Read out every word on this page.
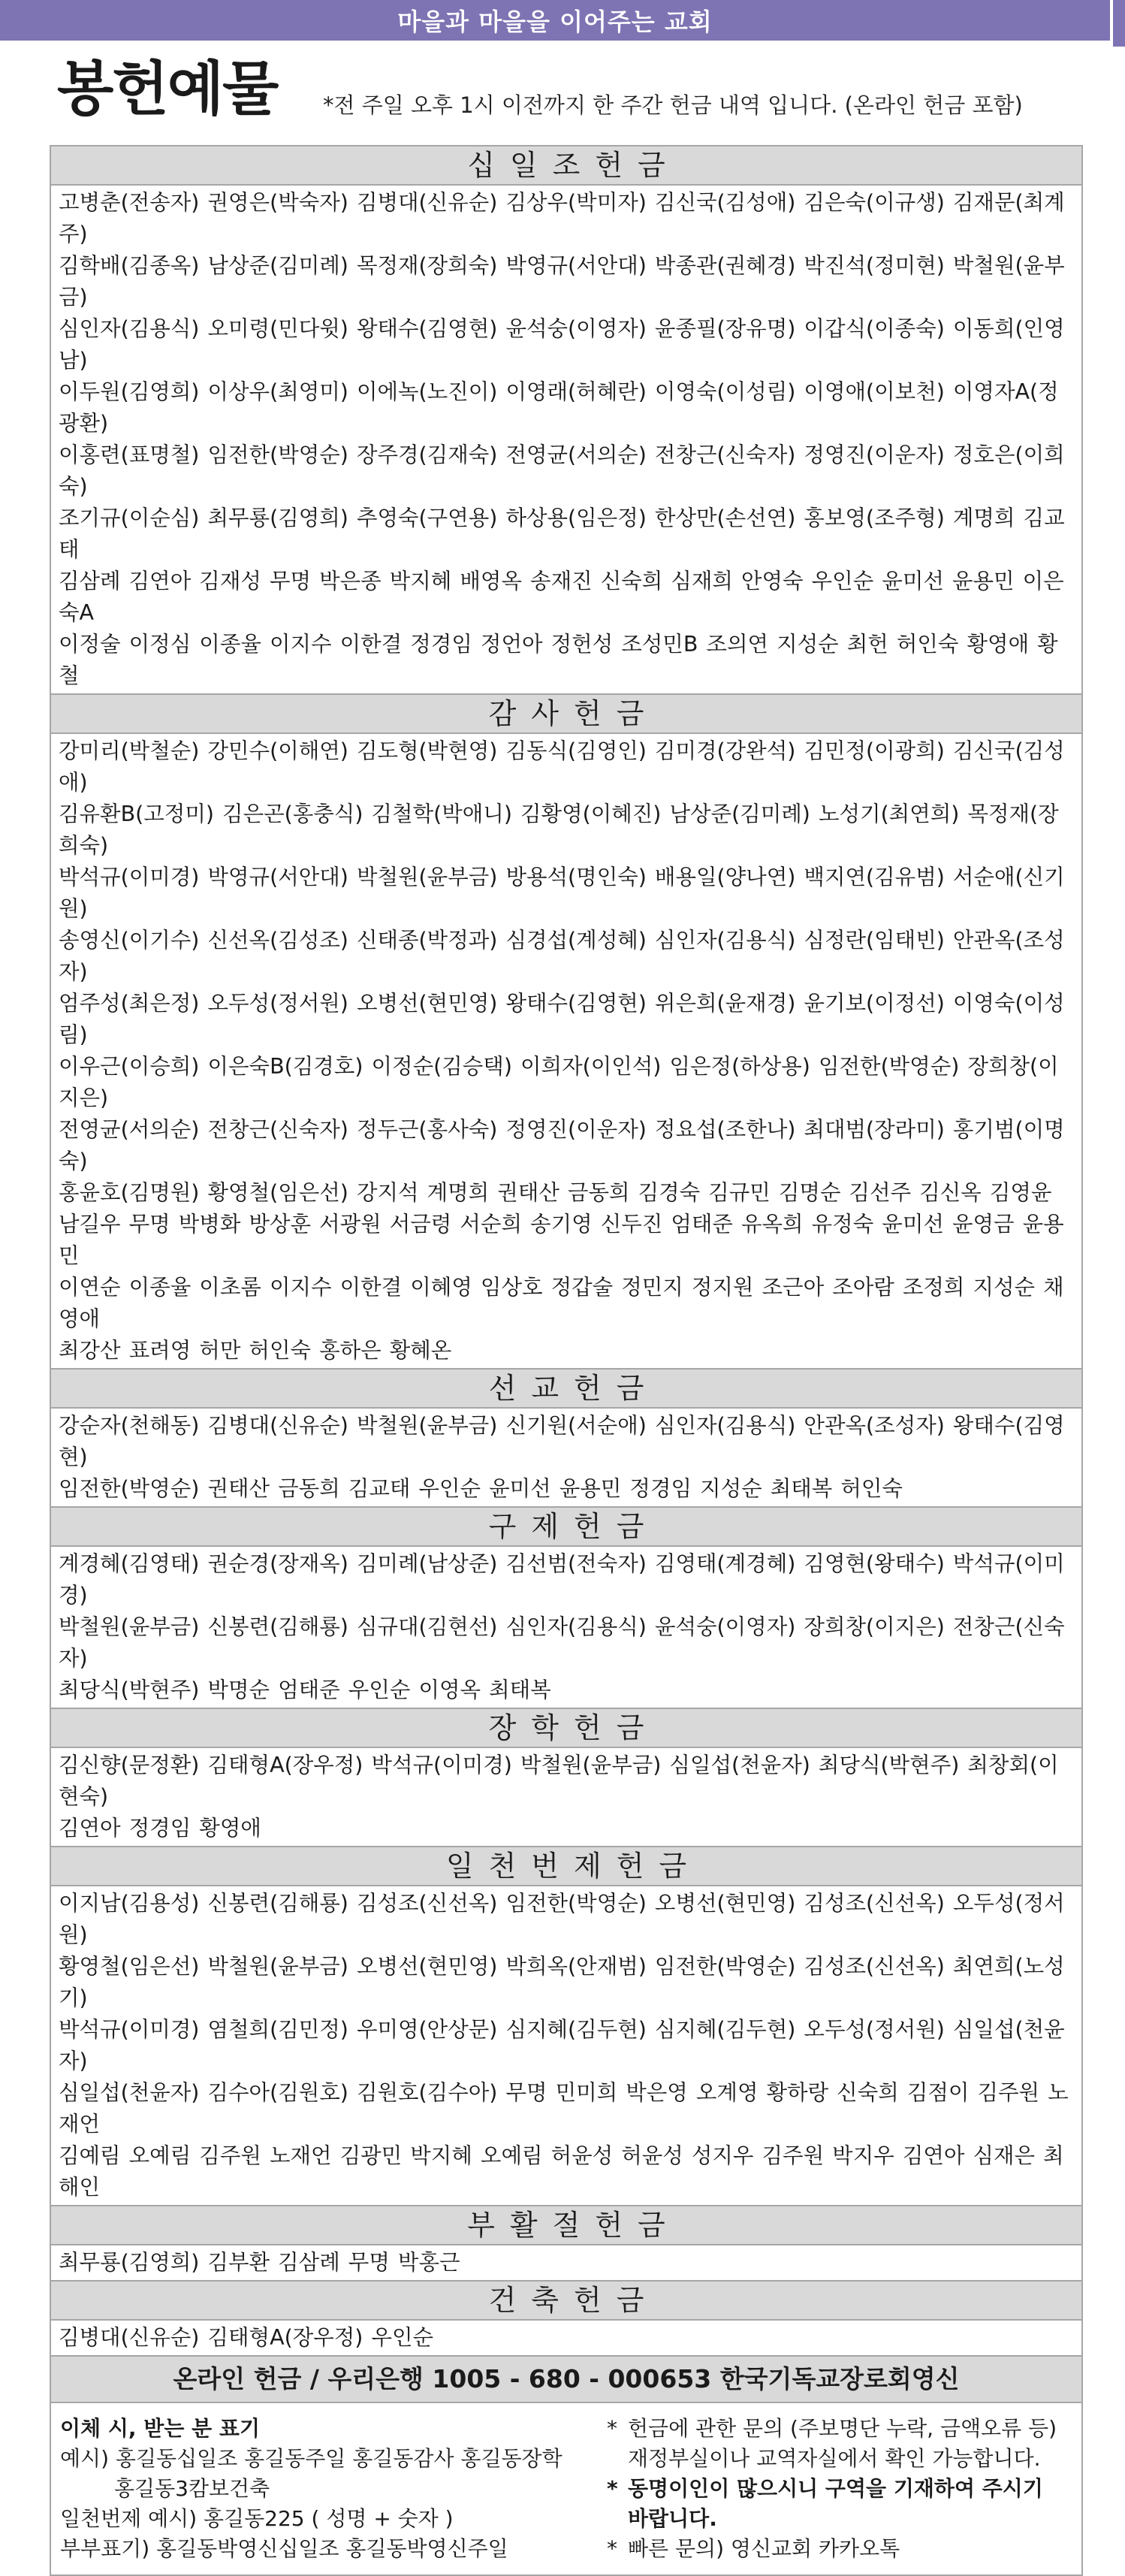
마을과 마을을 이어주는 교회
봉헌예물 *전 주일 오후 1시 이전까지 한 주간 헌금 내역 입니다. (온라인 헌금 포함)
십일조헌금
고병춘(전송자) 권영은(박숙자) 김병대(신유순) 김상우(박미자) 김신국(김성애) 김은숙(이규생) 김재문(최계주)
김학배(김종옥) 남상준(김미례) 목정재(장희숙) 박영규(서안대) 박종관(권혜경) 박진석(정미현) 박철원(윤부금)
심인자(김용식) 오미령(민다윗) 왕태수(김영현) 윤석숭(이영자) 윤종필(장유명) 이갑식(이종숙) 이동희(인영남)
이두원(김영희) 이상우(최영미) 이에녹(노진이) 이영래(허혜란) 이영숙(이성림) 이영애(이보천) 이영자A(정광환)
이홍련(표명철) 임전한(박영순) 장주경(김재숙) 전영균(서의순) 전창근(신숙자) 정영진(이운자) 정호은(이희숙)
조기규(이순심) 최무룡(김영희) 추영숙(구연용) 하상용(임은정) 한상만(손선연) 홍보영(조주형) 계명희 김교태
김삼례 김연아 김재성 무명 박은종 박지혜 배영옥 송재진 신숙희 심재희 안영숙 우인순 윤미선 윤용민 이은숙A
이정술 이정심 이종율 이지수 이한결 정경임 정언아 정헌성 조성민B 조의연 지성순 최헌 허인숙 황영애 황철
감사헌금
강미리(박철순) 강민수(이해연) 김도형(박현영) 김동식(김영인) 김미경(강완석) 김민정(이광희) 김신국(김성애)
김유환B(고정미) 김은곤(홍충식) 김철학(박애니) 김황영(이혜진) 남상준(김미례) 노성기(최연희) 목정재(장희숙)
박석규(이미경) 박영규(서안대) 박철원(윤부금) 방용석(명인숙) 배용일(양나연) 백지연(김유범) 서순애(신기원)
송영신(이기수) 신선옥(김성조) 신태종(박정과) 심경섭(계성혜) 심인자(김용식) 심정란(임태빈) 안관옥(조성자)
엄주성(최은정) 오두성(정서원) 오병선(현민영) 왕태수(김영현) 위은희(윤재경) 윤기보(이정선) 이영숙(이성림)
이우근(이승희) 이은숙B(김경호) 이정순(김승택) 이희자(이인석) 임은정(하상용) 임전한(박영순) 장희창(이지은)
전영균(서의순) 전창근(신숙자) 정두근(홍사숙) 정영진(이운자) 정요섭(조한나) 최대범(장라미) 홍기범(이명숙)
홍윤호(김명원) 황영철(임은선) 강지석 계명희 권태산 금동희 김경숙 김규민 김명순 김선주 김신옥 김영윤
남길우 무명 박병화 방상훈 서광원 서금령 서순희 송기영 신두진 엄태준 유옥희 유정숙 윤미선 윤영금 윤용민
이연순 이종율 이초롬 이지수 이한결 이혜영 임상호 정갑술 정민지 정지원 조근아 조아람 조정희 지성순 채영애
최강산 표려영 허만 허인숙 홍하은 황혜온
선교헌금
강순자(천해동) 김병대(신유순) 박철원(윤부금) 신기원(서순애) 심인자(김용식) 안관옥(조성자) 왕태수(김영현)
임전한(박영순) 권태산 금동희 김교태 우인순 윤미선 윤용민 정경임 지성순 최태복 허인숙
구제헌금
계경혜(김영태) 권순경(장재옥) 김미례(남상준) 김선범(전숙자) 김영태(계경혜) 김영현(왕태수) 박석규(이미경)
박철원(윤부금) 신봉련(김해룡) 심규대(김현선) 심인자(김용식) 윤석숭(이영자) 장희창(이지은) 전창근(신숙자)
최당식(박현주) 박명순 엄태준 우인순 이영옥 최태복
장학헌금
김신향(문정환) 김태형A(장우정) 박석규(이미경) 박철원(윤부금) 심일섭(천윤자) 최당식(박현주) 최창회(이현숙)
김연아 정경임 황영애
일천번제헌금
이지남(김용성) 신봉련(김해룡) 김성조(신선옥) 임전한(박영순) 오병선(현민영) 김성조(신선옥) 오두성(정서원)
황영철(임은선) 박철원(윤부금) 오병선(현민영) 박희옥(안재범) 임전한(박영순) 김성조(신선옥) 최연희(노성기)
박석규(이미경) 염철희(김민정) 우미영(안상문) 심지혜(김두현) 심지혜(김두현) 오두성(정서원) 심일섭(천윤자)
심일섭(천윤자) 김수아(김원호) 김원호(김수아) 무명 민미희 박은영 오계영 황하랑 신숙희 김점이 김주원 노재언
김예림 오예림 김주원 노재언 김광민 박지혜 오예림 허윤성 허윤성 성지우 김주원 박지우 김연아 심재은 최해인
부활절헌금
최무룡(김영희) 김부환 김삼례 무명 박홍근
건축헌금
김병대(신유순) 김태형A(장우정) 우인순
온라인 헌금 / 우리은행 1005 - 680 - 000653 한국기독교장로회영신
이체 시, 받는 분 표기
예시) 홍길동십일조 홍길동주일 홍길동감사 홍길동장학
홍길동3캄보건축
일천번제 예시) 홍길동225 ( 성명 + 숫자 )
부부표기) 홍길동박영신십일조 홍길동박영신주일
* 헌금에 관한 문의 (주보명단 누락, 금액오류 등)
재정부실이나 교역자실에서 확인 가능합니다.
* 동명이인이 많으시니 구역을 기재하여 주시기
바랍니다.
* 빠른 문의) 영신교회 카카오톡
